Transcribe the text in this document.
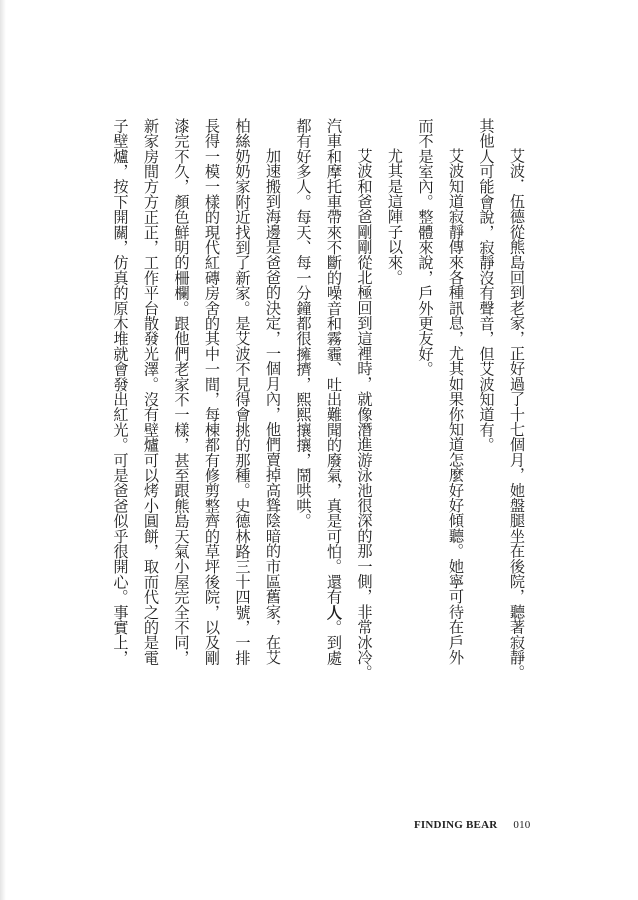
艾波．伍德從熊島回到老家，正好過了十七個月，她盤腿坐在後院，聽著寂靜。
其他人可能會說，寂靜沒有聲音，但艾波知道有。
艾波知道寂靜傳來各種訊息，尤其如果你知道怎麼好好傾聽。她寧可待在戶外
而不是室內。整體來說，戶外更友好。
尤其是這陣子以來。
艾波和爸爸剛剛從北極回到這裡時，就像潛進游泳池很深的那一側，非常冰冷。
汽車和摩托車帶來不斷的噪音和霧霾、吐出難聞的廢氣，真是可怕。還有人。到處
都有好多人。每天、每一分鐘都很擁擠，熙熙攘攘，鬧哄哄。
加速搬到海邊是爸爸的決定，一個月內，他們賣掉高聳陰暗的市區舊家，在艾
柏絲奶奶家附近找到了新家。是艾波不見得會挑的那種。史德林路三十四號，一排
長得一模一樣的現代紅磚房舍的其中一間，每棟都有修剪整齊的草坪後院，以及剛
漆完不久，顏色鮮明的柵欄。跟他們老家不一樣，甚至跟熊島天氣小屋完全不同，
新家房間方方正正，工作平台散發光澤。沒有壁爐可以烤小圓餅，取而代之的是電
子壁爐，按下開關，仿真的原木堆就會發出紅光。可是爸爸似乎很開心。事實上，
FINDING BEAR 010
